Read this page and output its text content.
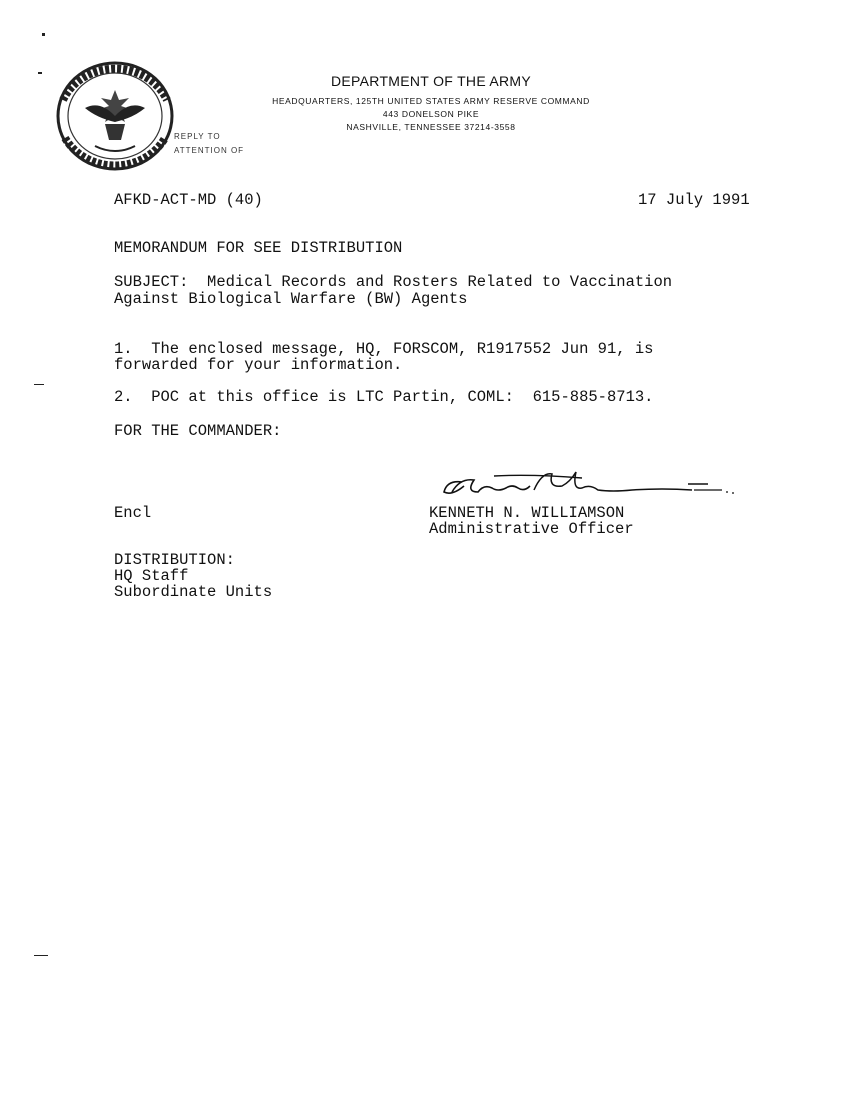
REPLY TO
ATTENTION OF
DEPARTMENT OF THE ARMY
HEADQUARTERS, 125TH UNITED STATES ARMY RESERVE COMMAND
443 DONELSON PIKE
NASHVILLE, TENNESSEE 37214-3558
AFKD-ACT-MD (40)	17 July 1991
MEMORANDUM FOR SEE DISTRIBUTION
SUBJECT:  Medical Records and Rosters Related to Vaccination
Against Biological Warfare (BW) Agents
1.  The enclosed message, HQ, FORSCOM, R1917552 Jun 91, is
forwarded for your information.
2.  POC at this office is LTC Partin, COML:  615-885-8713.
FOR THE COMMANDER:
Encl	KENNETH N. WILLIAMSON
Administrative Officer
DISTRIBUTION:
HQ Staff
Subordinate Units
